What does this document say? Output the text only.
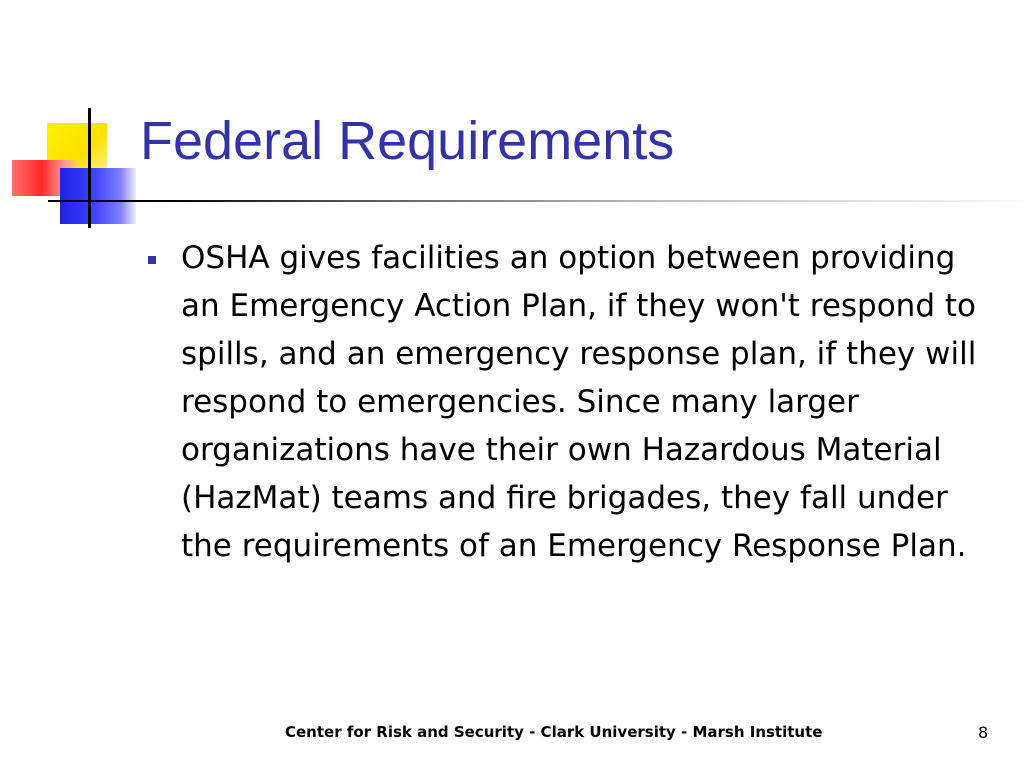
Federal Requirements
OSHA gives facilities an option between providing an Emergency Action Plan, if they won't respond to spills, and an emergency response plan, if they will respond to emergencies. Since many larger organizations have their own Hazardous Material (HazMat) teams and fire brigades, they fall under the requirements of an Emergency Response Plan.
Center for Risk and Security - Clark University - Marsh Institute	8
